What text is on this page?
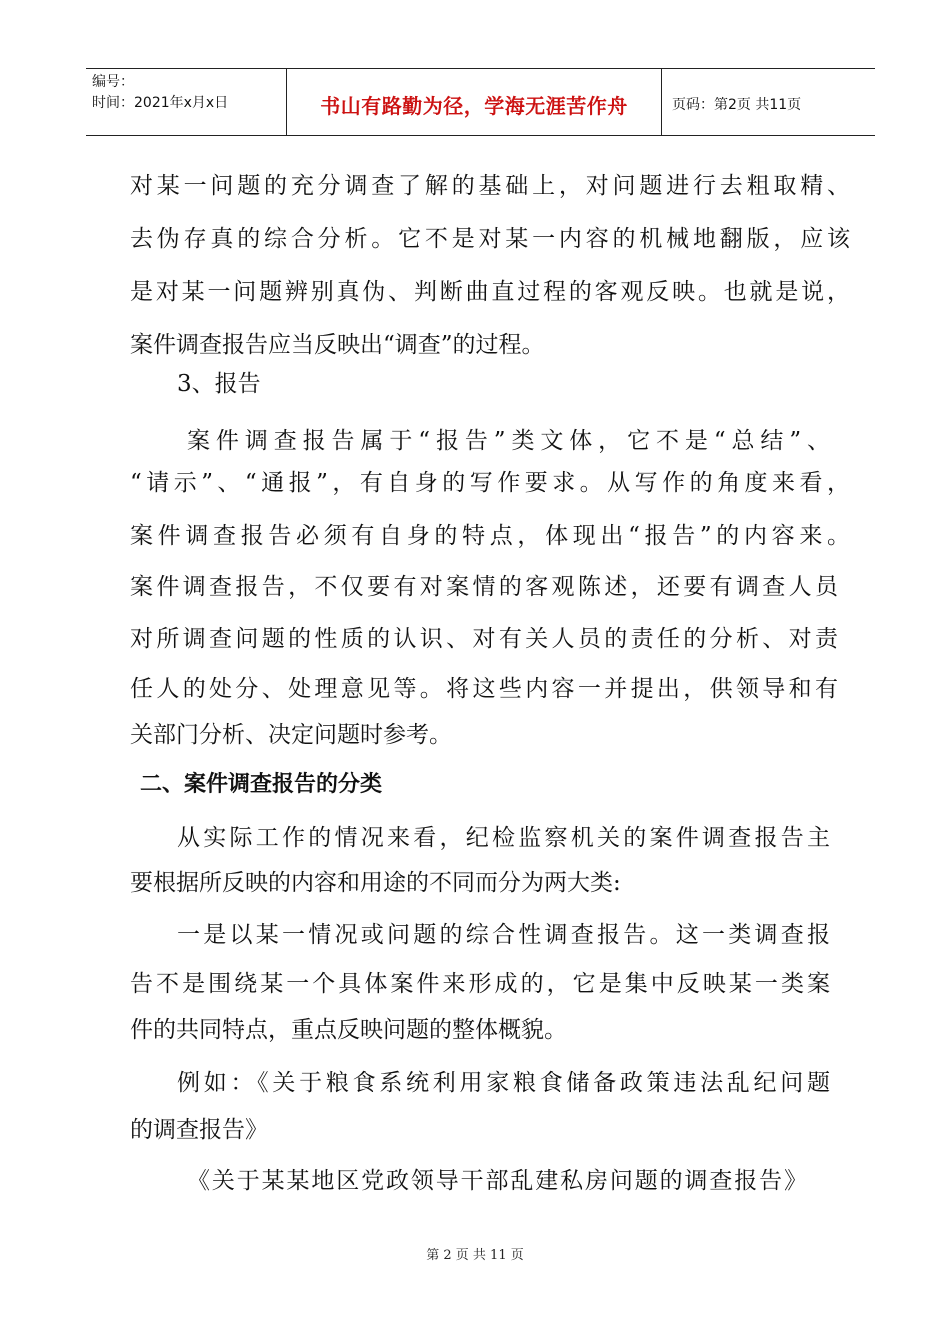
编号：
时间：2021年x月x日	书山有路勤为径，学海无涯苦作舟	页码：第2页 共11页

对某一问题的充分调查了解的基础上，对问题进行去粗取精、

去伪存真的综合分析。它不是对某一内容的机械地翻版，应该

是对某一问题辨别真伪、判断曲直过程的客观反映。也就是说，

案件调查报告应当反映出“调查”的过程。

3、报告

案件调查报告属于“报告”类文体，它不是“总结”、

“请示”、“通报”，有自身的写作要求。从写作的角度来看，

案件调查报告必须有自身的特点，体现出“报告”的内容来。

案件调查报告，不仅要有对案情的客观陈述，还要有调查人员

对所调查问题的性质的认识、对有关人员的责任的分析、对责

任人的处分、处理意见等。将这些内容一并提出，供领导和有

关部门分析、决定问题时参考。

二、案件调查报告的分类

从实际工作的情况来看，纪检监察机关的案件调查报告主

要根据所反映的内容和用途的不同而分为两大类:

一是以某一情况或问题的综合性调查报告。这一类调查报

告不是围绕某一个具体案件来形成的，它是集中反映某一类案

件的共同特点，重点反映问题的整体概貌。

例如：《关于粮食系统利用家粮食储备政策违法乱纪问题

的调查报告》

《关于某某地区党政领导干部乱建私房问题的调查报告》

第 2 页 共 11 页
